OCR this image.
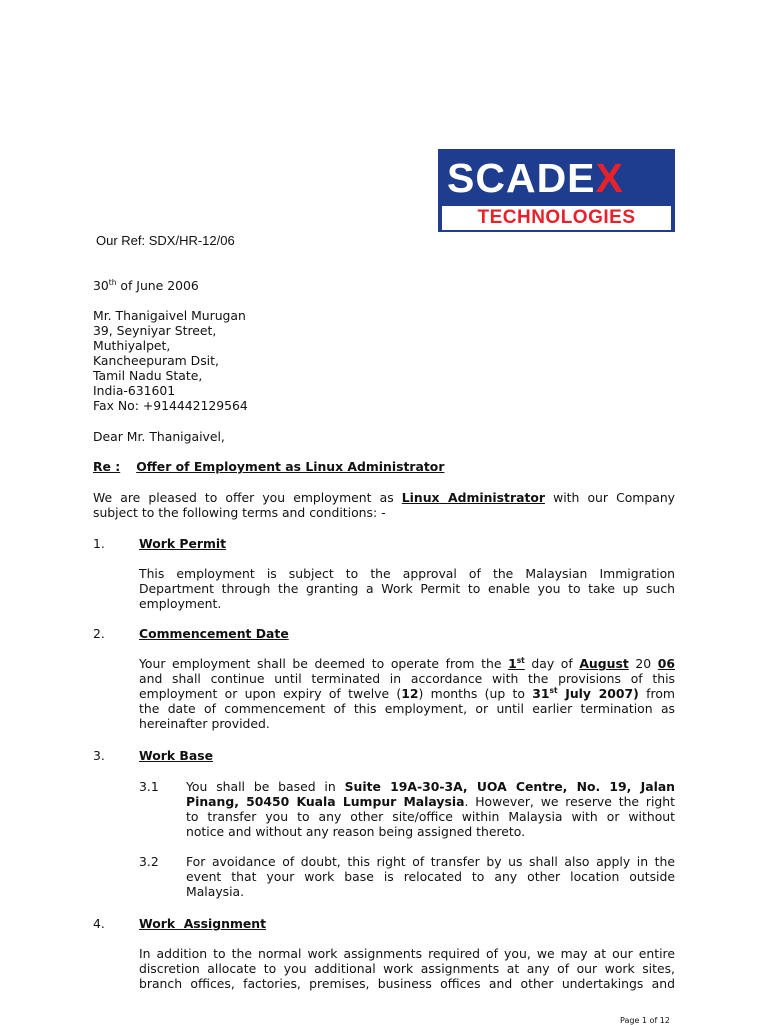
SCADEX
TECHNOLOGIES
Our Ref: SDX/HR-12/06
30th of June 2006
Mr. Thanigaivel Murugan
39, Seyniyar Street,
Muthiyalpet,
Kancheepuram Dsit,
Tamil Nadu State,
India-631601
Fax No: +914442129564
Dear Mr. Thanigaivel,
Re : Offer of Employment as Linux Administrator
We are pleased to offer you employment as Linux Administrator with our Company
subject to the following terms and conditions: -
1.	Work Permit
This employment is subject to the approval of the Malaysian Immigration
Department through the granting a Work Permit to enable you to take up such
employment.
2.	Commencement Date
Your employment shall be deemed to operate from the 1st day of August 20 06
and shall continue until terminated in accordance with the provisions of this
employment or upon expiry of twelve (12) months (up to 31st July 2007) from
the date of commencement of this employment, or until earlier termination as
hereinafter provided.
3.	Work Base
3.1 You shall be based in Suite 19A-30-3A, UOA Centre, No. 19, Jalan
Pinang, 50450 Kuala Lumpur Malaysia. However, we reserve the right
to transfer you to any other site/office within Malaysia with or without
notice and without any reason being assigned thereto.
3.2 For avoidance of doubt, this right of transfer by us shall also apply in the
event that your work base is relocated to any other location outside
Malaysia.
4.	Work  Assignment
In addition to the normal work assignments required of you, we may at our entire
discretion allocate to you additional work assignments at any of our work sites,
branch offices, factories, premises, business offices and other undertakings and
Page 1 of 12
